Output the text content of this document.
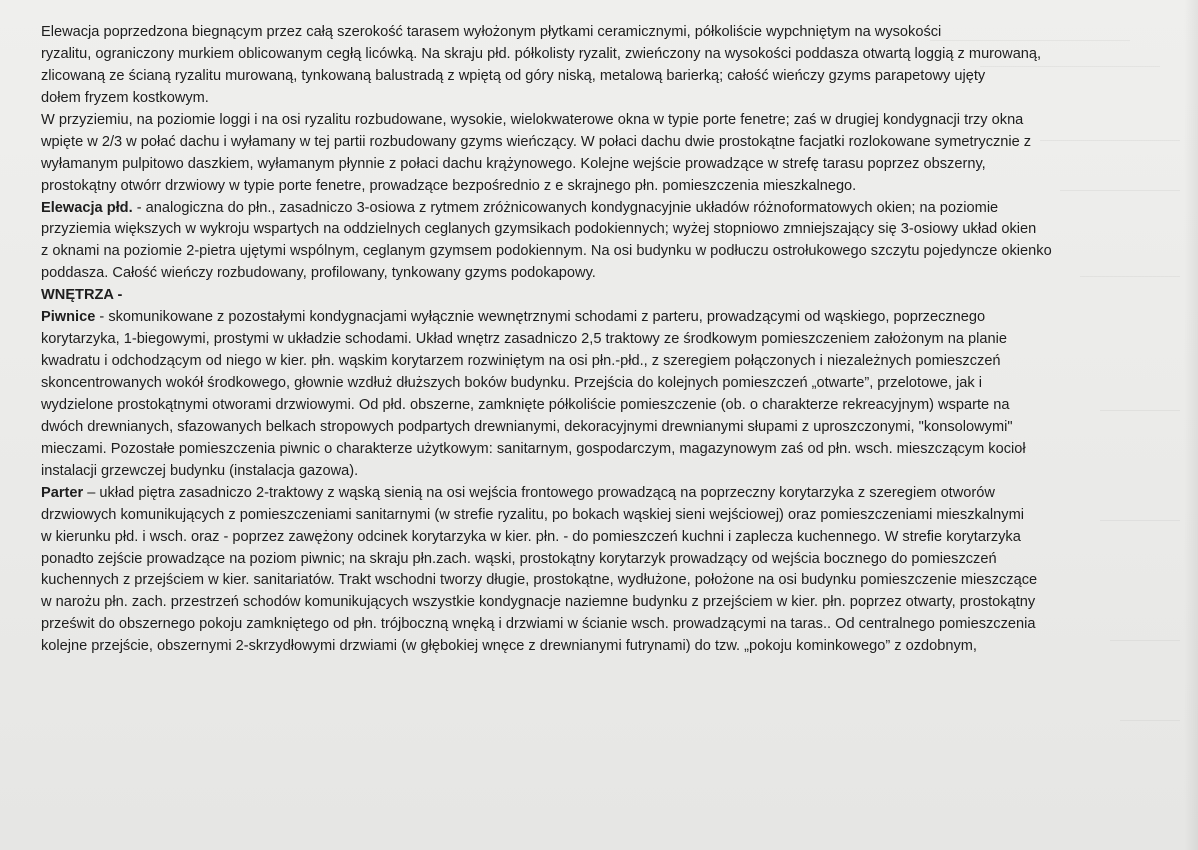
Elewacja poprzedzona biegnącym przez całą szerokość tarasem wyłożonym płytkami ceramicznymi, półkoliście wypchniętym na wysokości
ryzalitu, ograniczony murkiem oblicowanym cegłą licówką. Na skraju płd. półkolisty ryzalit, zwieńczony na wysokości poddasza otwartą loggią z murowaną,
zlicowaną ze ścianą ryzalitu murowaną, tynkowaną balustradą z wpiętą od góry niską, metalową barierką; całość wieńczy gzyms parapetowy ujęty
dołem fryzem kostkowym.
W przyziemiu, na poziomie loggi i na osi ryzalitu rozbudowane, wysokie, wielokwaterowe okna w typie porte fenetre; zaś w drugiej kondygnacji trzy okna
wpięte w 2/3 w połać dachu i wyłamany w tej partii rozbudowany gzyms wieńczący. W połaci dachu dwie prostokątne facjatki rozlokowane symetrycznie z
wyłamanym pulpitowo daszkiem, wyłamanym płynnie z połaci dachu krążynowego. Kolejne wejście prowadzące w strefę tarasu poprzez obszerny,
prostokątny otwórr drzwiowy w typie porte fenetre, prowadzące bezpośrednio z e skrajnego płn. pomieszczenia mieszkalnego.
Elewacja płd. - analogiczna do płn., zasadniczo 3-osiowa z rytmem zróżnicowanych kondygnacyjnie układów różnoformatowych okien; na poziomie
przyziemia większych w wykroju wspartych na oddzielnych ceglanych gzymsikach podokiennych; wyżej stopniowo zmniejszający się 3-osiowy układ okien
z oknami na poziomie 2-pietra ujętymi wspólnym, ceglanym gzymsem podokiennym. Na osi budynku w podłuczu ostrołukowego szczytu pojedyncze okienko
poddasza. Całość wieńczy rozbudowany, profilowany, tynkowany gzyms podokapowy.
WNĘTRZA -
Piwnice - skomunikowane z pozostałymi kondygnacjami wyłącznie wewnętrznymi schodami z parteru, prowadzącymi od wąskiego, poprzecznego
korytarzyka, 1-biegowymi, prostymi w układzie schodami. Układ wnętrz zasadniczo 2,5 traktowy ze środkowym pomieszczeniem założonym na planie
kwadratu i odchodzącym od niego w kier. płn. wąskim korytarzem rozwiniętym na osi płn.-płd., z szeregiem połączonych i niezależnych pomieszczeń
skoncentrowanych wokół środkowego, głownie wzdłuż dłuższych boków budynku. Przejścia do kolejnych pomieszczeń „otwarte”, przelotowe, jak i
wydzielone prostokątnymi otworami drzwiowymi. Od płd. obszerne, zamknięte półkoliście pomieszczenie (ob. o charakterze rekreacyjnym) wsparte na
dwóch drewnianych, sfazowanych belkach stropowych podpartych drewnianymi, dekoracyjnymi drewnianymi słupami z uproszczonymi, "konsolowymi"
mieczami. Pozostałe pomieszczenia piwnic o charakterze użytkowym: sanitarnym, gospodarczym, magazynowym zaś od płn. wsch. mieszczącym kocioł
instalacji grzewczej budynku (instalacja gazowa).
Parter – układ piętra zasadniczo 2-traktowy z wąską sienią na osi wejścia frontowego prowadzącą na poprzeczny korytarzyka z szeregiem otworów
drzwiowych komunikujących z pomieszczeniami sanitarnymi (w strefie ryzalitu, po bokach wąskiej sieni wejściowej) oraz pomieszczeniami mieszkalnymi
w kierunku płd. i wsch. oraz - poprzez zawężony odcinek korytarzyka w kier. płn. - do pomieszczeń kuchni i zaplecza kuchennego. W strefie korytarzyka
ponadto zejście prowadzące na poziom piwnic; na skraju płn.zach. wąski, prostokątny korytarzyk prowadzący od wejścia bocznego do pomieszczeń
kuchennych z przejściem w kier. sanitariatów. Trakt wschodni tworzy długie, prostokątne, wydłużone, położone na osi budynku pomieszczenie mieszczące
w narożu płn. zach. przestrzeń schodów komunikujących wszystkie kondygnacje naziemne budynku z przejściem w kier. płn. poprzez otwarty, prostokątny
prześwit do obszernego pokoju zamkniętego od płn. trójboczną wnęką i drzwiami w ścianie wsch. prowadzącymi na taras.. Od centralnego pomieszczenia
kolejne przejście, obszernymi 2-skrzydłowymi drzwiami (w głębokiej wnęce z drewnianymi futrynami) do tzw. „pokoju kominkowego” z ozdobnym,
